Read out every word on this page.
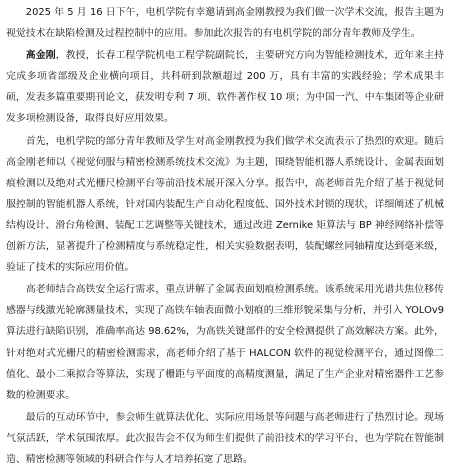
2025 年 5 月 16 日下午，电机学院有幸邀请到高金刚教授为我们做一次学术交流，报告主题为视觉技术在缺陷检测及过程控制中的应用。参加此次报告的有电机学院的部分青年教师及学生。

高金刚，教授，长春工程学院机电工程学院副院长，主要研究方向为智能检测技术，近年来主持完成多项省部级及企业横向项目，共科研到款额超过 200 万，具有丰富的实践经验；学术成果丰硕，发表多篇重要期刊论文，获发明专利 7 项、软件著作权 10 项；为中国一汽、中车集团等企业研发多项检测设备，取得良好应用效果。

首先，电机学院的部分青年教师及学生对高金刚教授为我们做学术交流表示了热烈的欢迎。随后高金刚老师以《视觉伺服与精密检测系统技术交流》为主题，围绕智能机器人系统设计、金属表面划痕检测以及绝对式光栅尺检测平台等前沿技术展开深入分享。报告中，高老师首先介绍了基于视觉伺服控制的智能机器人系统，针对国内装配生产自动化程度低、国外技术封锁的现状，详细阐述了机械结构设计、滑台角检测、装配工艺调整等关键技术，通过改进 Zernike 矩算法与 BP 神经网络补偿等创新方法，显著提升了检测精度与系统稳定性，相关实验数据表明，装配螺丝同轴精度达到毫米级，验证了技术的实际应用价值。

高老师结合高铁安全运行需求，重点讲解了金属表面划痕检测系统。该系统采用光谱共焦位移传感器与线激光轮廓测量技术，实现了高铁车轴表面微小划痕的三维形貌采集与分析，并引入 YOLOv9 算法进行缺陷识别，准确率高达 98.62%，为高铁关键部件的安全检测提供了高效解决方案。此外，针对绝对式光栅尺的精密检测需求，高老师介绍了基于 HALCON 软件的视觉检测平台，通过图像二值化、最小二乘拟合等算法，实现了栅距与平面度的高精度测量，满足了生产企业对精密器件工艺参数的检测要求。

最后的互动环节中，参会师生就算法优化、实际应用场景等问题与高老师进行了热烈讨论。现场气氛活跃，学术氛围浓厚。此次报告会不仅为师生们提供了前沿技术的学习平台，也为学院在智能制造、精密检测等领域的科研合作与人才培养拓宽了思路。
